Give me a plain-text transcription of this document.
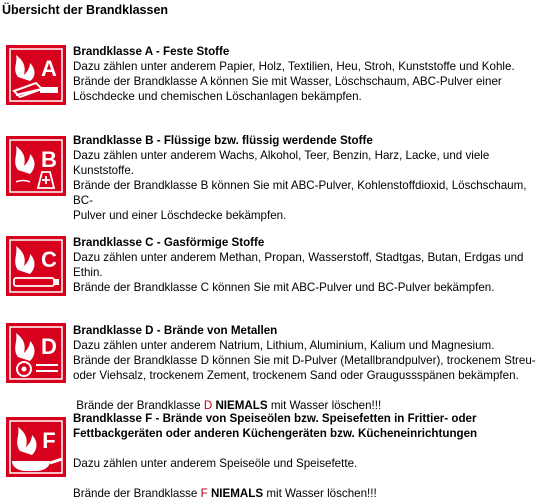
Übersicht der Brandklassen
A
Brandklasse A - Feste Stoffe

Dazu zählen unter anderem Papier, Holz, Textilien, Heu, Stroh, Kunststoffe und Kohle.

Brände der Brandklasse A können Sie mit Wasser, Löschschaum, ABC-Pulver einer

Löschdecke und chemischen Löschanlagen bekämpfen.

B
Brandklasse B - Flüssige bzw. flüssig werdende Stoffe

Dazu zählen unter anderem Wachs, Alkohol, Teer, Benzin, Harz, Lacke, und viele

Kunststoffe.

Brände der Brandklasse B können Sie mit ABC-Pulver, Kohlenstoffdioxid, Löschschaum, BC-

Pulver und einer Löschdecke bekämpfen.

C
Brandklasse C - Gasförmige Stoffe

Dazu zählen unter anderem Methan, Propan, Wasserstoff, Stadtgas, Butan, Erdgas und

Ethin.

Brände der Brandklasse C können Sie mit ABC-Pulver und BC-Pulver bekämpfen.

D
Brandklasse D - Brände von Metallen

Dazu zählen unter anderem Natrium, Lithium, Aluminium, Kalium und Magnesium.

Brände der Brandklasse D können Sie mit D-Pulver (Metallbrandpulver), trockenem Streu-

oder Viehsalz, trockenem Zement, trockenem Sand oder Graugussspänen bekämpfen.

Brände der Brandklasse D NIEMALS mit Wasser löschen!!!

F
Brandklasse F - Brände von Speiseölen bzw. Speisefetten in Frittier- oder Fettbackgeräten oder anderen Küchengeräten bzw. Kücheneinrichtungen

Dazu zählen unter anderem Speiseöle und Speisefette.

Brände der Brandklasse F NIEMALS mit Wasser löschen!!!
